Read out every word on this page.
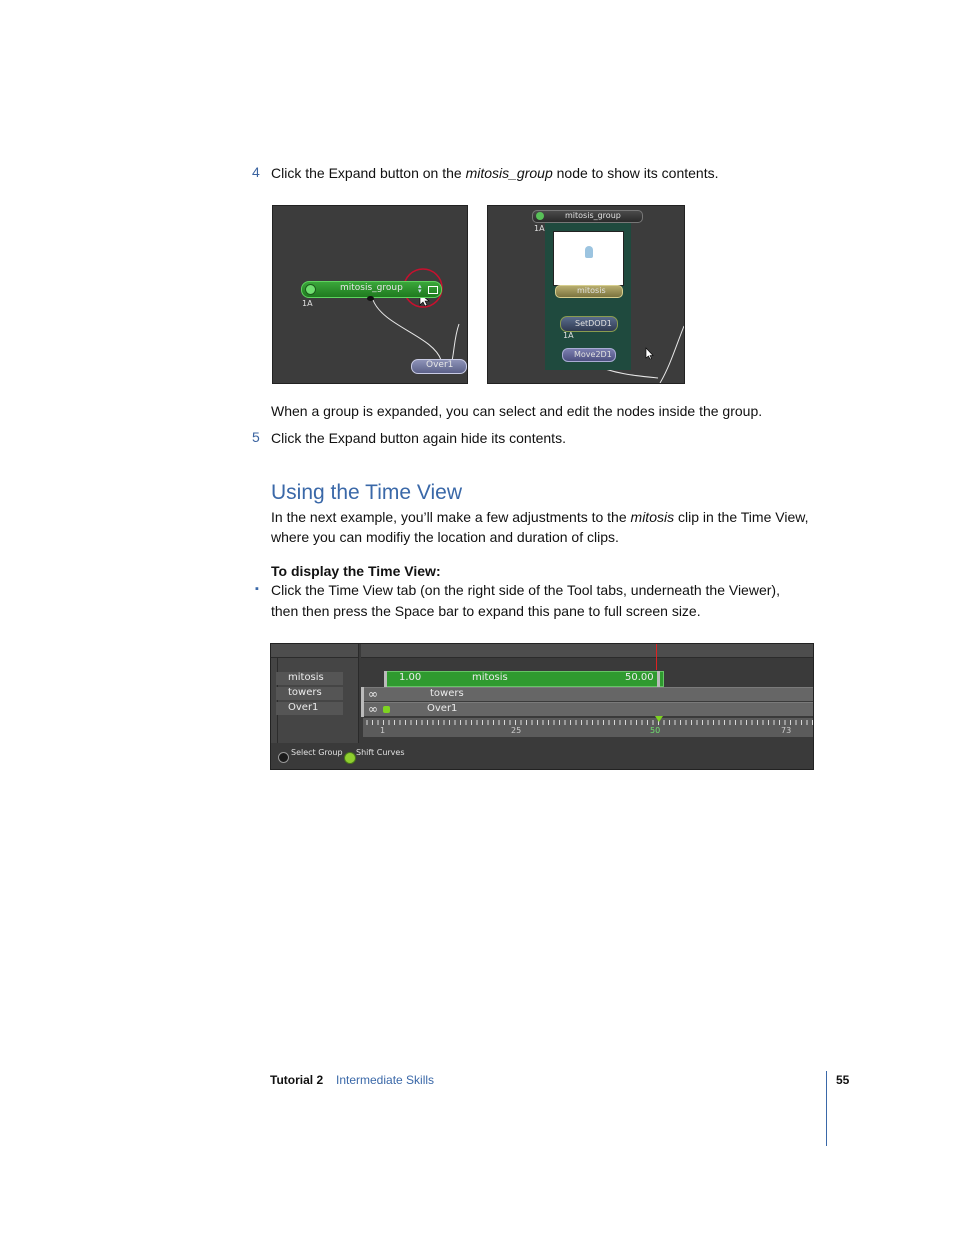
4 Click the Expand button on the mitosis_group node to show its contents.
mitosis_group ▴
▾
1A
Over1
mitosis_group
1A
mitosis
SetDOD1
1A
Move2D1
When a group is expanded, you can select and edit the nodes inside the group.
5 Click the Expand button again hide its contents.
Using the Time View
In the next example, you’ll make a few adjustments to the mitosis clip in the Time View, where you can modifiy the location and duration of clips.
To display the Time View:
▪ Click the Time View tab (on the right side of the Tool tabs, underneath the Viewer), then then press the Space bar to expand this pane to full screen size.
mitosis
towers
Over1
1.00	mitosis	50.00
∞	towers
∞	Over1
1	25	50	73
Select Group Shift Curves
Tutorial 2 Intermediate Skills	55
